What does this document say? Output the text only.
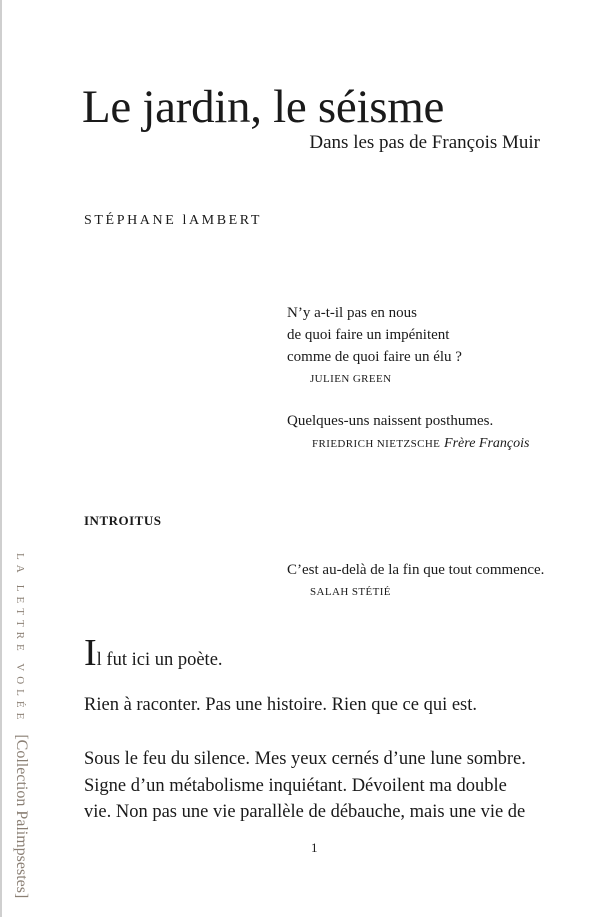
Le jardin, le séisme
Dans les pas de François Muir
STÉPHANE lAMBERT
N’y a-t-il pas en nous
de quoi faire un impénitent
comme de quoi faire un élu ?
JULIEN GREEN
Quelques-uns naissent posthumes.
FRIEDRICH NIETZSCHE Frère François
INTROITUS
C’est au-delà de la fin que tout commence.
SALAH STÉTIÉ
Il fut ici un poète.
Rien à raconter. Pas une histoire. Rien que ce qui est.
Sous le feu du silence. Mes yeux cernés d’une lune sombre.
Signe d’un métabolisme inquiétant. Dévoilent ma double
vie. Non pas une vie parallèle de débauche, mais une vie de
1
LA LETTRE VOLÉE[Collection Palimpsestes]
